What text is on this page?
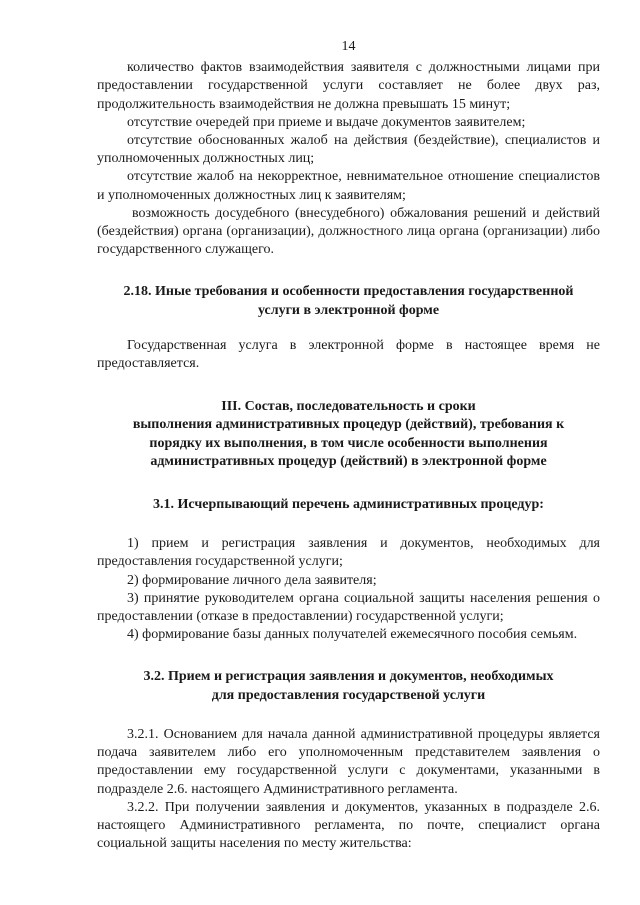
14

количество фактов взаимодействия заявителя с должностными лицами при предоставлении государственной услуги составляет не более двух раз, продолжительность взаимодействия не должна превышать 15 минут;

отсутствие очередей при приеме и выдаче документов заявителем;

отсутствие обоснованных жалоб на действия (бездействие), специалистов и уполномоченных должностных лиц;

отсутствие жалоб на некорректное, невнимательное отношение специалистов и уполномоченных должностных лиц к заявителям;

возможность досудебного (внесудебного) обжалования решений и действий (бездействия) органа (организации), должностного лица органа (организации) либо государственного служащего.

2.18. Иные требования и особенности предоставления государственной
услуги в электронной форме

Государственная услуга в электронной форме в настоящее время не предоставляется.

III. Состав, последовательность и сроки
выполнения административных процедур (действий), требования к
порядку их выполнения, в том числе особенности выполнения
административных процедур (действий) в электронной форме
3.1. Исчерпывающий перечень административных процедур:

1) прием и регистрация заявления и документов, необходимых для предоставления государственной услуги;

2) формирование личного дела заявителя;

3) принятие руководителем органа социальной защиты населения решения о предоставлении (отказе в предоставлении) государственной услуги;

4) формирование базы данных получателей ежемесячного пособия семьям.

3.2. Прием и регистрация заявления и документов, необходимых
для предоставления государственой услуги

3.2.1. Основанием для начала данной административной процедуры является подача заявителем либо его уполномоченным представителем заявления о предоставлении ему государственной услуги с документами, указанными в подразделе 2.6. настоящего Административного регламента.

3.2.2. При получении заявления и документов, указанных в подразделе 2.6. настоящего Административного регламента, по почте, специалист органа социальной защиты населения по месту жительства:
